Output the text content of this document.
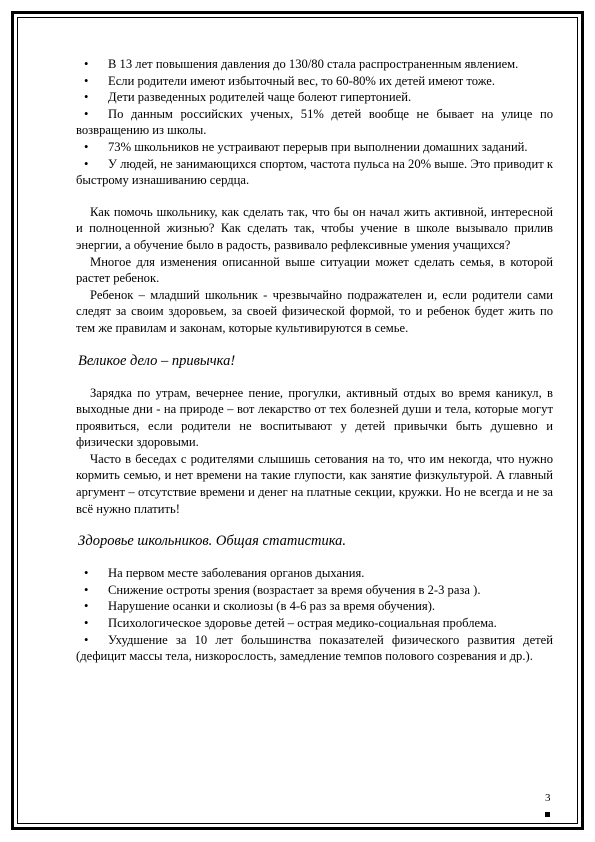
• В 13 лет повышения давления до 130/80 стала распространенным явлением.
• Если родители имеют избыточный вес, то 60-80% их детей имеют тоже.
• Дети разведенных родителей чаще болеют гипертонией.
• По данным российских ученых, 51% детей вообще не бывает на улице по возвращению из школы.
• 73% школьников не устраивают перерыв при выполнении домашних заданий.
• У людей, не занимающихся спортом, частота пульса на 20% выше. Это приводит к быстрому изнашиванию сердца.

Как помочь школьнику, как сделать так, что бы он начал жить активной, интересной и полноценной жизнью? Как сделать так, чтобы учение в школе вызывало прилив энергии, а обучение было в радость, развивало рефлексивные умения учащихся?

Многое для изменения описанной выше ситуации может сделать семья, в которой растет ребенок.

Ребенок – младший школьник - чрезвычайно подражателен и, если родители сами следят за своим здоровьем, за своей физической формой, то и ребенок будет жить по тем же правилам и законам, которые культивируются в семье.

Великое дело – привычка!

Зарядка по утрам, вечернее пение, прогулки, активный отдых во время каникул, в выходные дни - на природе – вот лекарство от тех болезней души и тела, которые могут проявиться, если родители не воспитывают у детей привычки быть душевно и физически здоровыми.

Часто в беседах с родителями слышишь сетования на то, что им некогда, что нужно кормить семью, и нет времени на такие глупости, как занятие физкультурой. А главный аргумент – отсутствие времени и денег на платные секции, кружки. Но не всегда и не за всё нужно платить!

Здоровье школьников. Общая статистика.
• На первом месте заболевания органов дыхания.
• Снижение остроты зрения (возрастает за время обучения в 2-3 раза ).
• Нарушение осанки и сколиозы (в 4-6 раз за время обучения).
• Психологическое здоровье детей – острая медико-социальная проблема.
• Ухудшение за 10 лет большинства показателей физического развития детей (дефицит массы тела, низкорослость, замедление темпов полового созревания и др.).
3
